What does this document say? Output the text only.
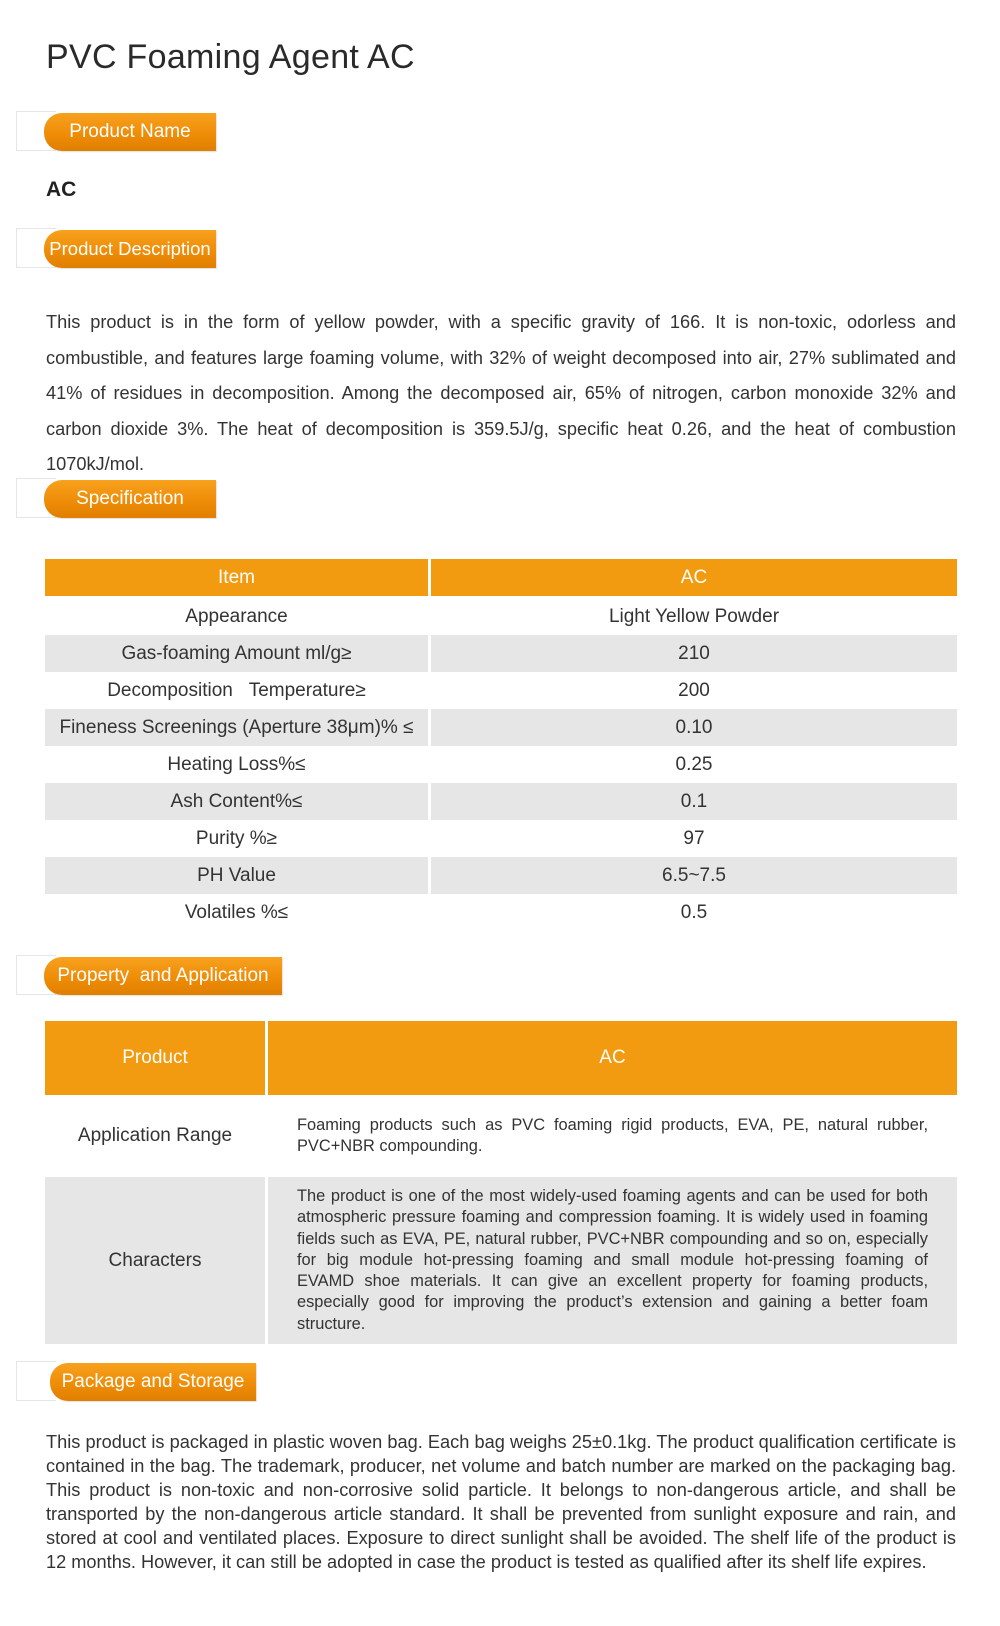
PVC Foaming Agent AC
Product Name
AC
Product Description

This product is in the form of yellow powder, with a specific gravity of 166. It is non-toxic, odorless and combustible, and features large foaming volume, with 32% of weight decomposed into air, 27% sublimated and 41% of residues in decomposition. Among the decomposed air, 65% of nitrogen, carbon monoxide 32% and carbon dioxide 3%. The heat of decomposition is 359.5J/g, specific heat 0.26, and the heat of combustion 1070kJ/mol.

Specification
Item	AC

Appearance	Light Yellow Powder
Gas-foaming Amount ml/g≥	210
Decomposition   Temperature≥	200
Fineness Screenings (Aperture 38μm)% ≤	0.10
Heating Loss%≤	0.25
Ash Content%≤	0.1
Purity %≥	97
PH Value	6.5~7.5
Volatiles %≤	0.5
Property  and Application
Product	AC

Application Range	Foaming products such as PVC foaming rigid products, EVA, PE, natural rubber, PVC+NBR compounding.

Characters	The product is one of the most widely-used foaming agents and can be used for both atmospheric pressure foaming and compression foaming. It is widely used in foaming fields such as EVA, PE, natural rubber, PVC+NBR compounding and so on, especially for big module hot-pressing foaming and small module hot-pressing foaming of EVAMD shoe materials. It can give an excellent property for foaming products, especially good for improving the product’s extension and gaining a better foam structure.
Package and Storage

This product is packaged in plastic woven bag. Each bag weighs 25±0.1kg. The product qualification certificate is contained in the bag. The trademark, producer, net volume and batch number are marked on the packaging bag. This product is non-toxic and non-corrosive solid particle. It belongs to non-dangerous article, and shall be transported by the non-dangerous article standard. It shall be prevented from sunlight exposure and rain, and stored at cool and ventilated places. Exposure to direct sunlight shall be avoided. The shelf life of the product is 12 months. However, it can still be adopted in case the product is tested as qualified after its shelf life expires.
